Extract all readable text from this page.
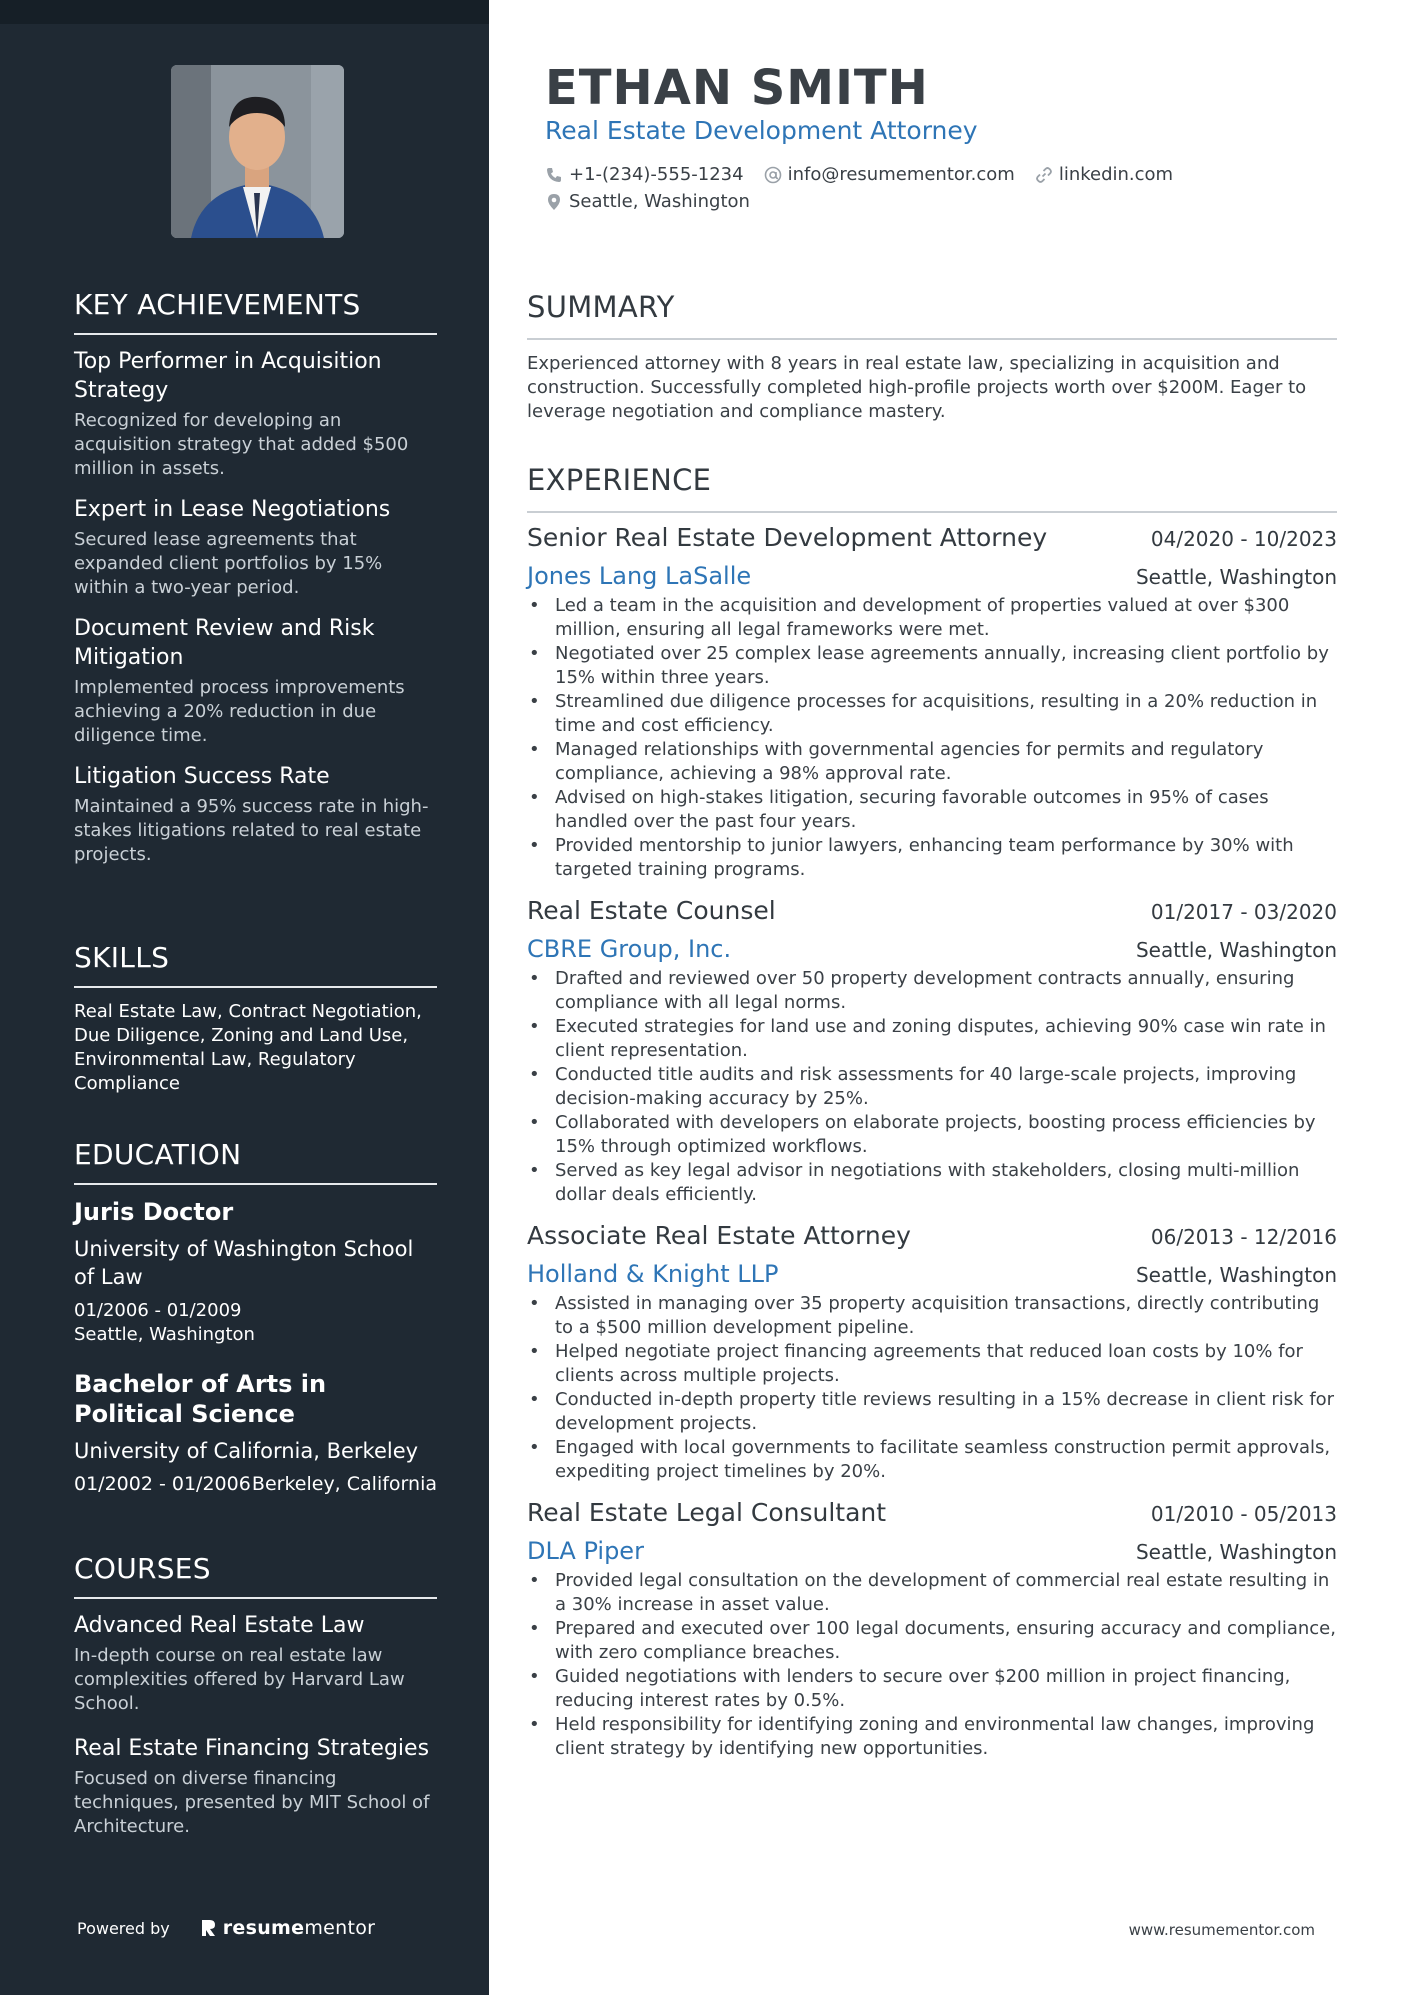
KEY ACHIEVEMENTS
Top Performer in Acquisition Strategy
Recognized for developing an acquisition strategy that added $500 million in assets.
Expert in Lease Negotiations
Secured lease agreements that expanded client portfolios by 15% within a two-year period.
Document Review and Risk Mitigation
Implemented process improvements achieving a 20% reduction in due diligence time.
Litigation Success Rate
Maintained a 95% success rate in high-stakes litigations related to real estate projects.
SKILLS
Real Estate Law, Contract Negotiation, Due Diligence, Zoning and Land Use, Environmental Law, Regulatory Compliance
EDUCATION
Juris Doctor
University of Washington School of Law
01/2006 - 01/2009
Seattle, Washington
Bachelor of Arts in Political Science
University of California, Berkeley
01/2002 - 01/2006 Berkeley, California
COURSES
Advanced Real Estate Law
In-depth course on real estate law complexities offered by Harvard Law School.
Real Estate Financing Strategies
Focused on diverse financing techniques, presented by MIT School of Architecture.
Powered by	resumementor
ETHAN SMITH
Real Estate Development Attorney
+1-(234)-555-1234 info@resumementor.com linkedin.com
Seattle, Washington
SUMMARY
Experienced attorney with 8 years in real estate law, specializing in acquisition and construction. Successfully completed high-profile projects worth over $200M. Eager to leverage negotiation and compliance mastery.
EXPERIENCE
Senior Real Estate Development Attorney	04/2020 - 10/2023
Jones Lang LaSalle	Seattle, Washington
• Led a team in the acquisition and development of properties valued at over $300 million, ensuring all legal frameworks were met.
• Negotiated over 25 complex lease agreements annually, increasing client portfolio by 15% within three years.
• Streamlined due diligence processes for acquisitions, resulting in a 20% reduction in time and cost efficiency.
• Managed relationships with governmental agencies for permits and regulatory compliance, achieving a 98% approval rate.
• Advised on high-stakes litigation, securing favorable outcomes in 95% of cases handled over the past four years.
• Provided mentorship to junior lawyers, enhancing team performance by 30% with targeted training programs.
Real Estate Counsel	01/2017 - 03/2020
CBRE Group, Inc.	Seattle, Washington
• Drafted and reviewed over 50 property development contracts annually, ensuring compliance with all legal norms.
• Executed strategies for land use and zoning disputes, achieving 90% case win rate in client representation.
• Conducted title audits and risk assessments for 40 large-scale projects, improving decision-making accuracy by 25%.
• Collaborated with developers on elaborate projects, boosting process efficiencies by 15% through optimized workflows.
• Served as key legal advisor in negotiations with stakeholders, closing multi-million dollar deals efficiently.
Associate Real Estate Attorney	06/2013 - 12/2016
Holland & Knight LLP	Seattle, Washington
• Assisted in managing over 35 property acquisition transactions, directly contributing to a $500 million development pipeline.
• Helped negotiate project financing agreements that reduced loan costs by 10% for clients across multiple projects.
• Conducted in-depth property title reviews resulting in a 15% decrease in client risk for development projects.
• Engaged with local governments to facilitate seamless construction permit approvals, expediting project timelines by 20%.
Real Estate Legal Consultant	01/2010 - 05/2013
DLA Piper	Seattle, Washington
• Provided legal consultation on the development of commercial real estate resulting in a 30% increase in asset value.
• Prepared and executed over 100 legal documents, ensuring accuracy and compliance, with zero compliance breaches.
• Guided negotiations with lenders to secure over $200 million in project financing, reducing interest rates by 0.5%.
• Held responsibility for identifying zoning and environmental law changes, improving client strategy by identifying new opportunities.
www.resumementor.com
